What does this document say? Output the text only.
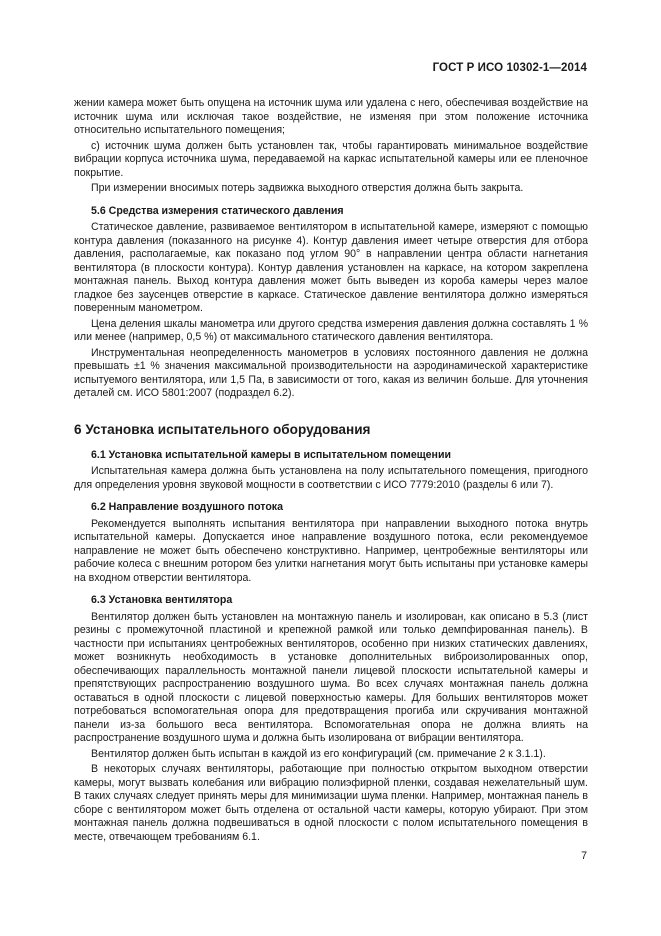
ГОСТ Р ИСО 10302-1—2014

жении камера может быть опущена на источник шума или удалена с него, обеспечивая воздействие на источник шума или исключая такое воздействие, не изменяя при этом положение источника относительно испытательного помещения;

с) источник шума должен быть установлен так, чтобы гарантировать минимальное воздействие вибрации корпуса источника шума, передаваемой на каркас испытательной камеры или ее пленочное покрытие.

При измерении вносимых потерь задвижка выходного отверстия должна быть закрыта.

5.6 Средства измерения статического давления

Статическое давление, развиваемое вентилятором в испытательной камере, измеряют с помощью контура давления (показанного на рисунке 4). Контур давления имеет четыре отверстия для отбора давления, располагаемые, как показано под углом 90° в направлении центра области нагнетания вентилятора (в плоскости контура). Контур давления установлен на каркасе, на котором закреплена монтажная панель. Выход контура давления может быть выведен из короба камеры через малое гладкое без заусенцев отверстие в каркасе. Статическое давление вентилятора должно измеряться поверенным манометром.

Цена деления шкалы манометра или другого средства измерения давления должна составлять 1 % или менее (например, 0,5 %) от максимального статического давления вентилятора.

Инструментальная неопределенность манометров в условиях постоянного давления не должна превышать ±1 % значения максимальной производительности на аэродинамической характеристике испытуемого вентилятора, или 1,5 Па, в зависимости от того, какая из величин больше. Для уточнения деталей см. ИСО 5801:2007 (подраздел 6.2).

6 Установка испытательного оборудования
6.1 Установка испытательной камеры в испытательном помещении

Испытательная камера должна быть установлена на полу испытательного помещения, пригодного для определения уровня звуковой мощности в соответствии с ИСО 7779:2010 (разделы 6 или 7).

6.2 Направление воздушного потока

Рекомендуется выполнять испытания вентилятора при направлении выходного потока внутрь испытательной камеры. Допускается иное направление воздушного потока, если рекомендуемое направление не может быть обеспечено конструктивно. Например, центробежные вентиляторы или рабочие колеса с внешним ротором без улитки нагнетания могут быть испытаны при установке камеры на входном отверстии вентилятора.

6.3 Установка вентилятора

Вентилятор должен быть установлен на монтажную панель и изолирован, как описано в 5.3 (лист резины с промежуточной пластиной и крепежной рамкой или только демпфированная панель). В частности при испытаниях центробежных вентиляторов, особенно при низких статических давлениях, может возникнуть необходимость в установке дополнительных виброизолированных опор, обеспечивающих параллельность монтажной панели лицевой плоскости испытательной камеры и препятствующих распространению воздушного шума. Во всех случаях монтажная панель должна оставаться в одной плоскости с лицевой поверхностью камеры. Для больших вентиляторов может потребоваться вспомогательная опора для предотвращения прогиба или скручивания монтажной панели из-за большого веса вентилятора. Вспомогательная опора не должна влиять на распространение воздушного шума и должна быть изолирована от вибрации вентилятора.

Вентилятор должен быть испытан в каждой из его конфигураций (см. примечание 2 к 3.1.1).

В некоторых случаях вентиляторы, работающие при полностью открытом выходном отверстии камеры, могут вызвать колебания или вибрацию полиэфирной пленки, создавая нежелательный шум. В таких случаях следует принять меры для минимизации шума пленки. Например, монтажная панель в сборе с вентилятором может быть отделена от остальной части камеры, которую убирают. При этом монтажная панель должна подвешиваться в одной плоскости с полом испытательного помещения в месте, отвечающем требованиям 6.1.

7
